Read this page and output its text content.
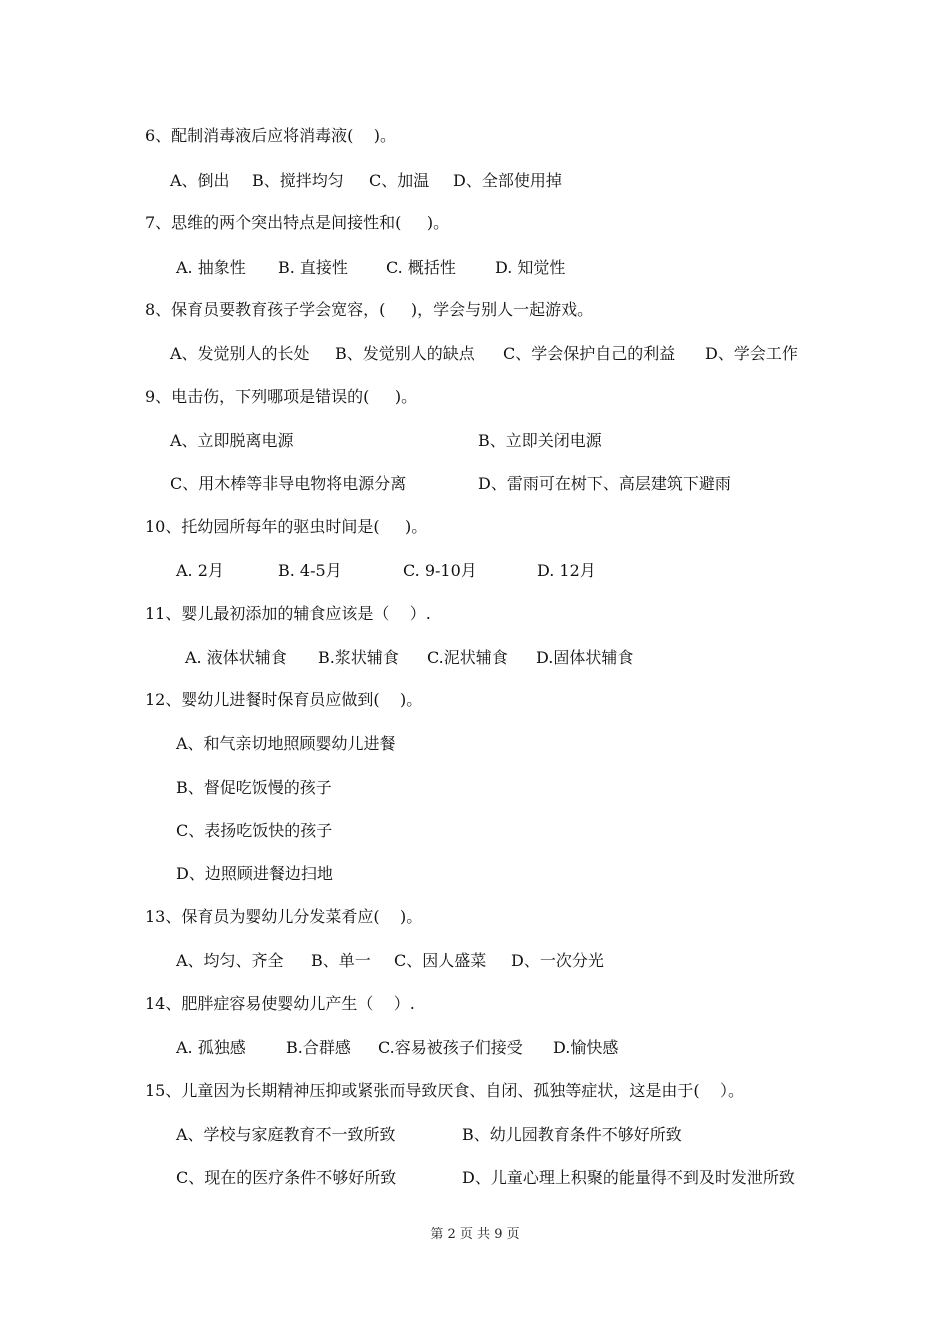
6、配制消毒液后应将消毒液(    )。
A、倒出 B、搅拌均匀 C、加温 D、全部使用掉
7、思维的两个突出特点是间接性和(     )。
A. 抽象性 B. 直接性 C. 概括性 D. 知觉性
8、保育员要教育孩子学会宽容，(     )，学会与别人一起游戏。
A、发觉别人的长处 B、发觉别人的缺点 C、学会保护自己的利益 D、学会工作
9、电击伤，下列哪项是错误的(     )。
A、立即脱离电源	B、立即关闭电源
C、用木棒等非导电物将电源分离	D、雷雨可在树下、高层建筑下避雨
10、托幼园所每年的驱虫时间是(     )。
A. 2月	B. 4-5月	C. 9-10月	D. 12月
11、婴儿最初添加的辅食应该是（    ）.
A. 液体状辅食 B.浆状辅食 C.泥状辅食 D.固体状辅食
12、婴幼儿进餐时保育员应做到(    )。
A、和气亲切地照顾婴幼儿进餐
B、督促吃饭慢的孩子
C、表扬吃饭快的孩子
D、边照顾进餐边扫地
13、保育员为婴幼儿分发菜肴应(    )。
A、均匀、齐全 B、单一 C、因人盛菜 D、一次分光
14、肥胖症容易使婴幼儿产生（    ）.
A. 孤独感	B.合群感 C.容易被孩子们接受 D.愉快感
15、儿童因为长期精神压抑或紧张而导致厌食、自闭、孤独等症状，这是由于(    ）。
A、学校与家庭教育不一致所致	B、幼儿园教育条件不够好所致
C、现在的医疗条件不够好所致	D、儿童心理上积聚的能量得不到及时发泄所致
第 2 页 共 9 页
